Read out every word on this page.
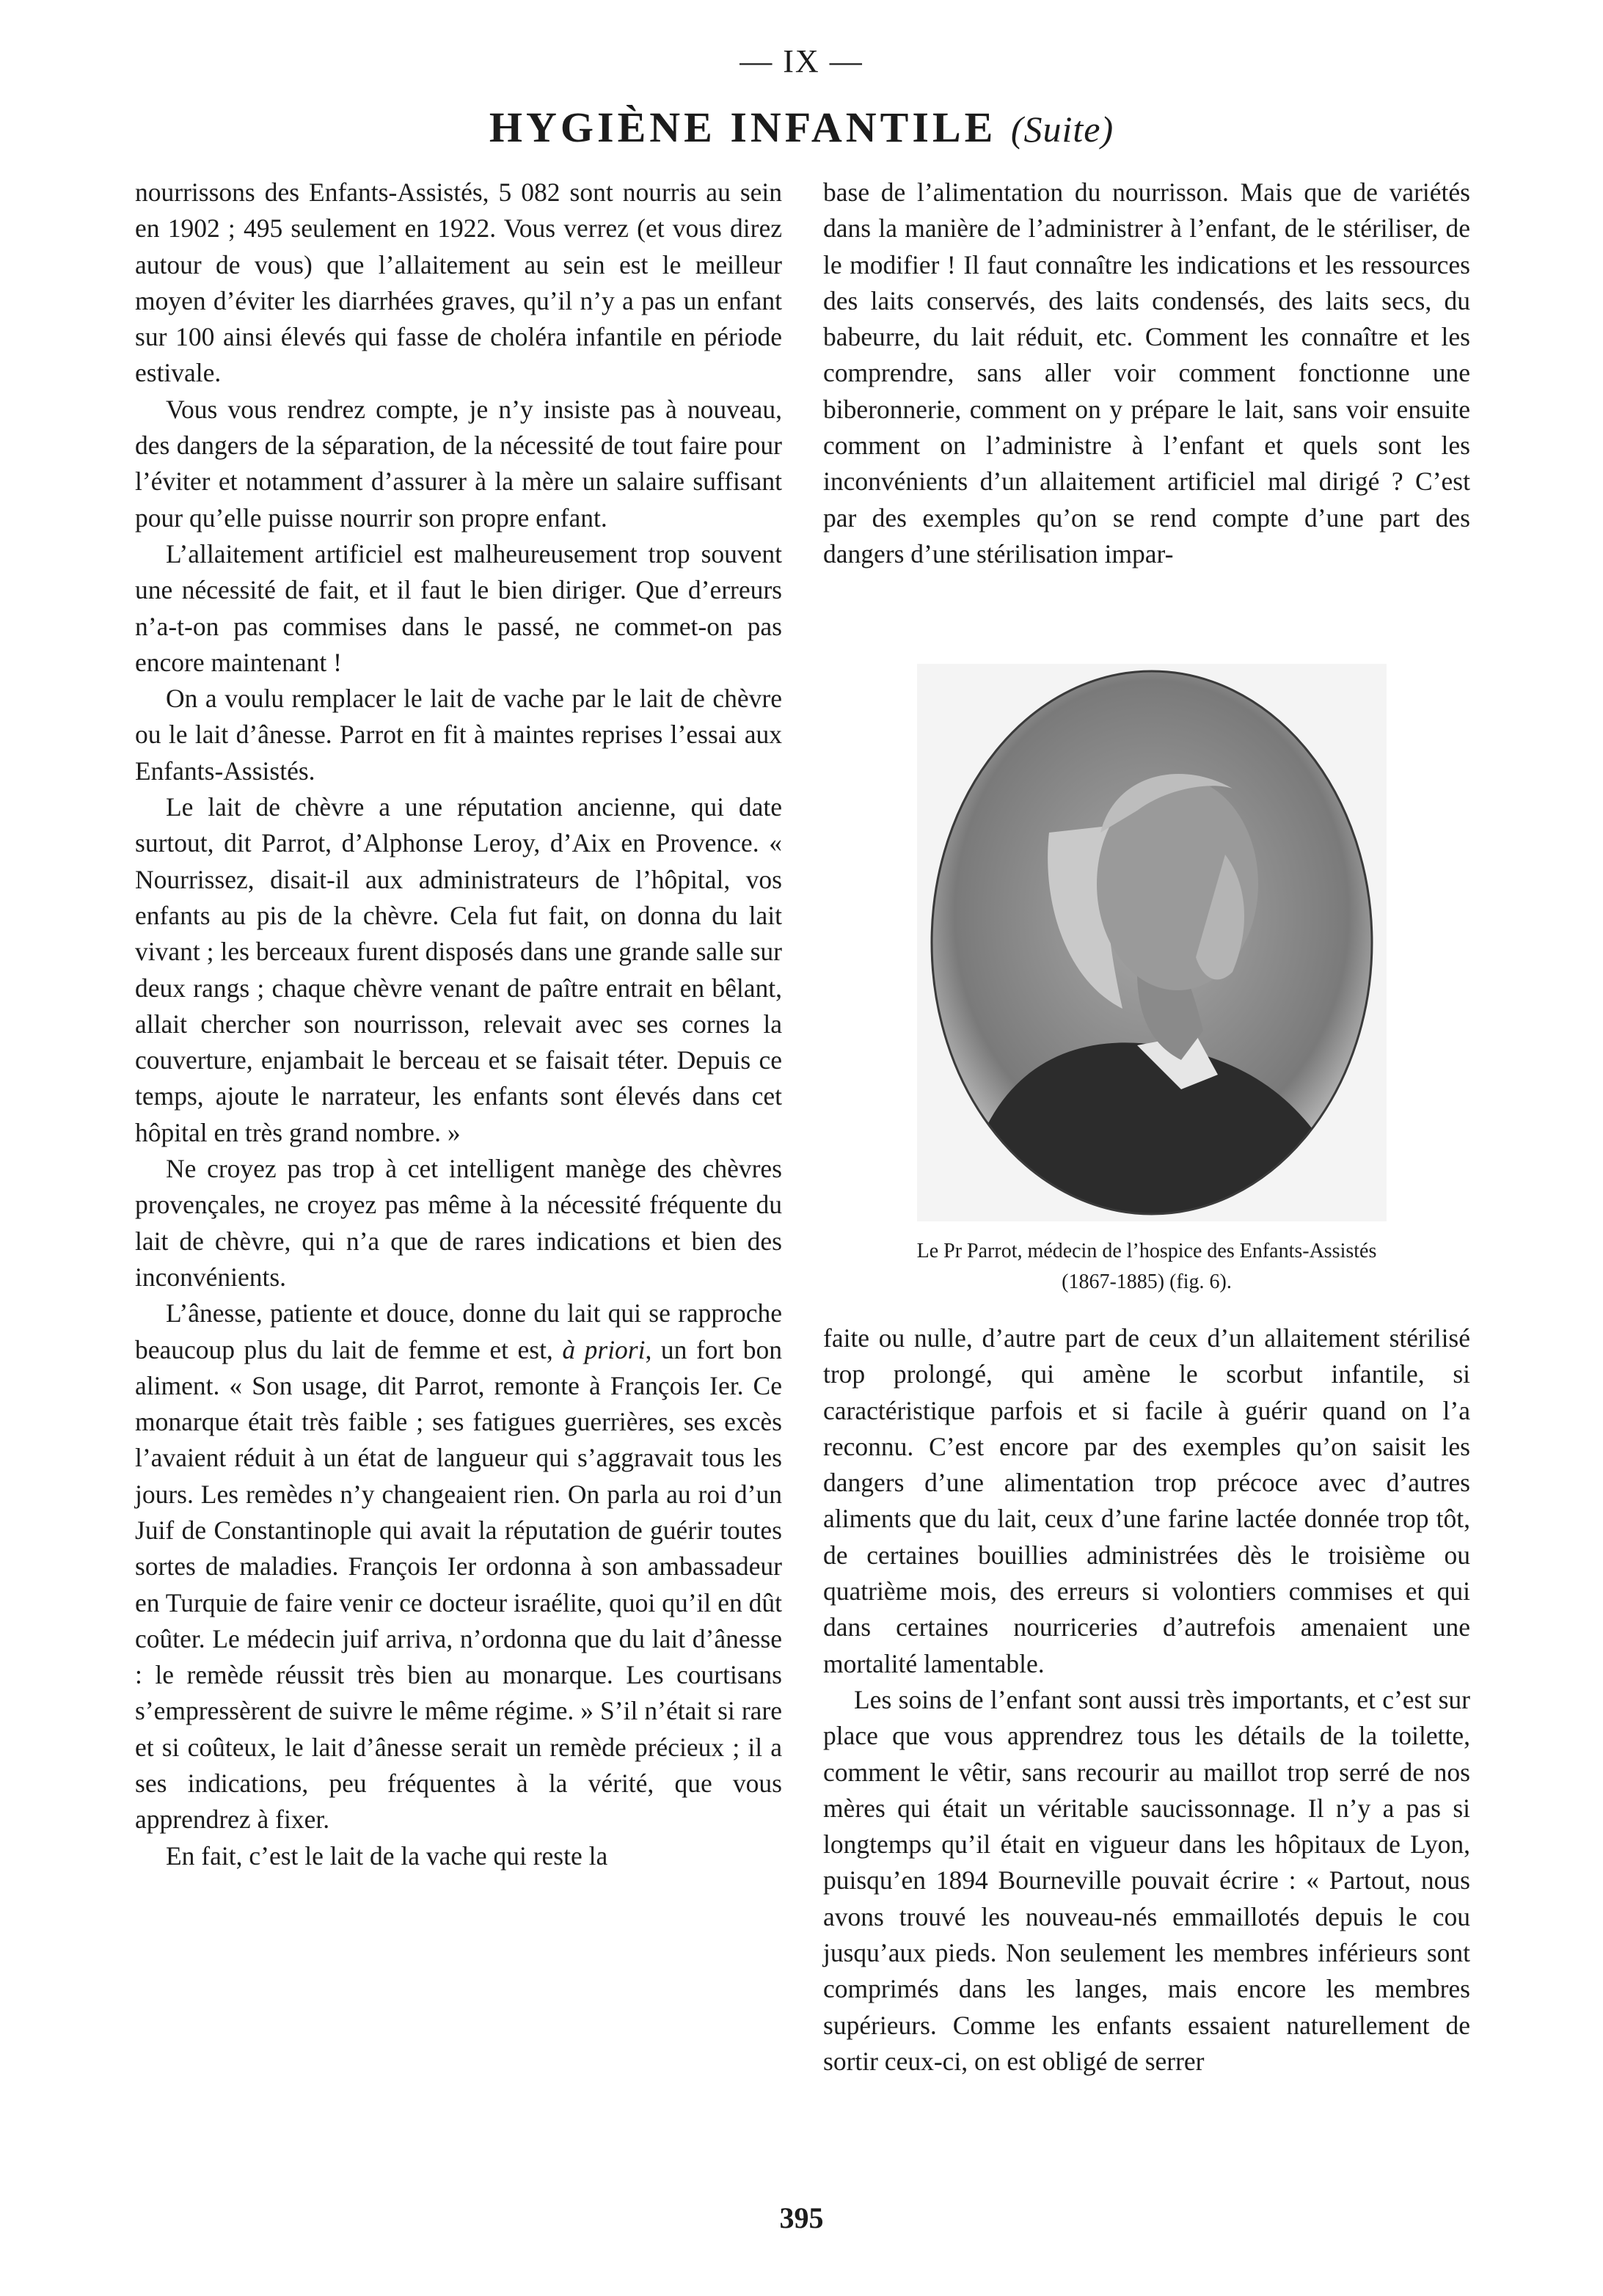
— IX —
HYGIÈNE INFANTILE (Suite)

nourrissons des Enfants-Assistés, 5 082 sont nourris au sein en 1902 ; 495 seulement en 1922. Vous verrez (et vous direz autour de vous) que l’allaitement au sein est le meilleur moyen d’éviter les diarrhées graves, qu’il n’y a pas un enfant sur 100 ainsi élevés qui fasse de choléra infantile en période estivale.

Vous vous rendrez compte, je n’y insiste pas à nouveau, des dangers de la séparation, de la nécessité de tout faire pour l’éviter et notamment d’assurer à la mère un salaire suffisant pour qu’elle puisse nourrir son propre enfant.

L’allaitement artificiel est malheureusement trop souvent une nécessité de fait, et il faut le bien diriger. Que d’erreurs n’a-t-on pas commises dans le passé, ne commet-on pas encore maintenant !

On a voulu remplacer le lait de vache par le lait de chèvre ou le lait d’ânesse. Parrot en fit à maintes reprises l’essai aux Enfants-Assistés.

Le lait de chèvre a une réputation ancienne, qui date surtout, dit Parrot, d’Alphonse Leroy, d’Aix en Provence. « Nourrissez, disait-il aux administrateurs de l’hôpital, vos enfants au pis de la chèvre. Cela fut fait, on donna du lait vivant ; les berceaux furent disposés dans une grande salle sur deux rangs ; chaque chèvre venant de paître entrait en bêlant, allait chercher son nourrisson, relevait avec ses cornes la couverture, enjambait le berceau et se faisait téter. Depuis ce temps, ajoute le narrateur, les enfants sont élevés dans cet hôpital en très grand nombre. »

Ne croyez pas trop à cet intelligent manège des chèvres provençales, ne croyez pas même à la nécessité fréquente du lait de chèvre, qui n’a que de rares indications et bien des inconvénients.

L’ânesse, patiente et douce, donne du lait qui se rapproche beaucoup plus du lait de femme et est, à priori, un fort bon aliment. « Son usage, dit Parrot, remonte à François Ier. Ce monarque était très faible ; ses fatigues guerrières, ses excès l’avaient réduit à un état de langueur qui s’aggravait tous les jours. Les remèdes n’y changeaient rien. On parla au roi d’un Juif de Constantinople qui avait la réputation de guérir toutes sortes de maladies. François Ier ordonna à son ambassadeur en Turquie de faire venir ce docteur israélite, quoi qu’il en dût coûter. Le médecin juif arriva, n’ordonna que du lait d’ânesse : le remède réussit très bien au monarque. Les courtisans s’empressèrent de suivre le même régime. » S’il n’était si rare et si coûteux, le lait d’ânesse serait un remède précieux ; il a ses indications, peu fréquentes à la vérité, que vous apprendrez à fixer.

En fait, c’est le lait de la vache qui reste la

base de l’alimentation du nourrisson. Mais que de variétés dans la manière de l’administrer à l’enfant, de le stériliser, de le modifier ! Il faut connaître les indications et les ressources des laits conservés, des laits condensés, des laits secs, du babeurre, du lait réduit, etc. Comment les connaître et les comprendre, sans aller voir comment fonctionne une biberonnerie, comment on y prépare le lait, sans voir ensuite comment on l’administre à l’enfant et quels sont les inconvénients d’un allaitement artificiel mal dirigé ? C’est par des exemples qu’on se rend compte d’une part des dangers d’une stérilisation impar-

Le Pr Parrot, médecin de l’hospice des Enfants-Assistés
(1867-1885) (fig. 6).

faite ou nulle, d’autre part de ceux d’un allaitement stérilisé trop prolongé, qui amène le scorbut infantile, si caractéristique parfois et si facile à guérir quand on l’a reconnu. C’est encore par des exemples qu’on saisit les dangers d’une alimentation trop précoce avec d’autres aliments que du lait, ceux d’une farine lactée donnée trop tôt, de certaines bouillies administrées dès le troisième ou quatrième mois, des erreurs si volontiers commises et qui dans certaines nourriceries d’autrefois amenaient une mortalité lamentable.

Les soins de l’enfant sont aussi très importants, et c’est sur place que vous apprendrez tous les détails de la toilette, comment le vêtir, sans recourir au maillot trop serré de nos mères qui était un véritable saucissonnage. Il n’y a pas si longtemps qu’il était en vigueur dans les hôpitaux de Lyon, puisqu’en 1894 Bourneville pouvait écrire : « Partout, nous avons trouvé les nouveau-nés emmaillotés depuis le cou jusqu’aux pieds. Non seulement les membres inférieurs sont comprimés dans les langes, mais encore les membres supérieurs. Comme les enfants essaient naturellement de sortir ceux-ci, on est obligé de serrer

395
